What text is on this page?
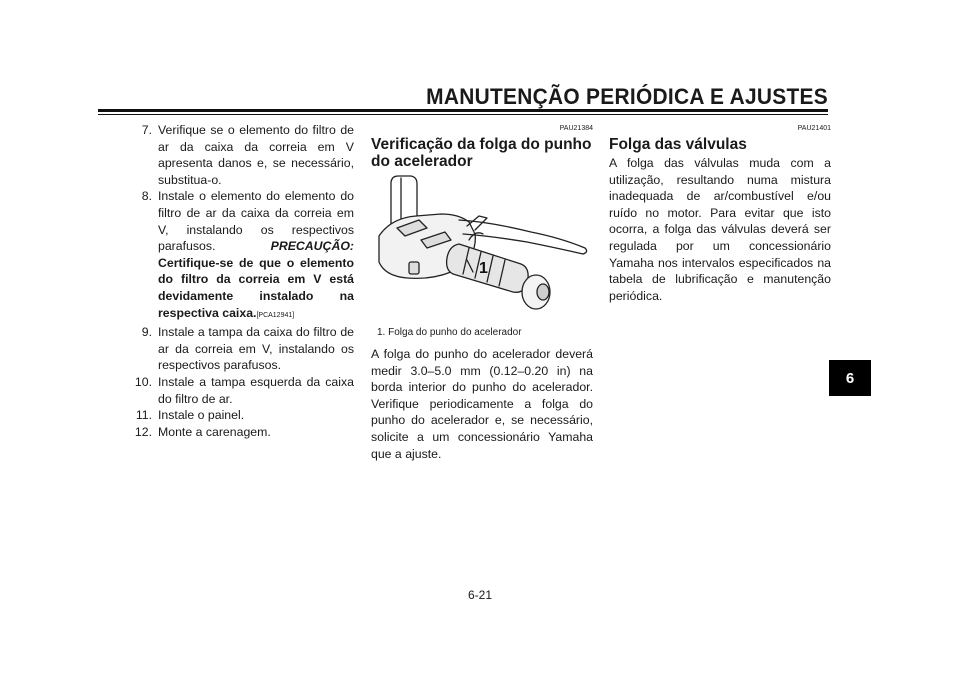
MANUTENÇÃO PERIÓDICA E AJUSTES
7. Verifique se o elemento do filtro de ar da caixa da correia em V apresenta danos e, se necessário, substitua-o.
8. Instale o elemento do elemento do filtro de ar da caixa da correia em V, instalando os respectivos parafusos.	PRECAUÇÃO: Certifique-se de que o elemento do filtro da correia em V está devidamente instalado na respectiva caixa.[PCA12941]
9. Instale a tampa da caixa do filtro de ar da correia em V, instalando os respectivos parafusos.
10. Instale a tampa esquerda da caixa do filtro de ar.
11. Instale o painel.
12. Monte a carenagem.
PAU21384
Verificação da folga do punho do acelerador
1
1. Folga do punho do acelerador

A folga do punho do acelerador deverá medir 3.0–5.0 mm (0.12–0.20 in) na borda interior do punho do acelerador. Verifique periodicamente a folga do punho do acelerador e, se necessário, solicite a um concessionário Yamaha que a ajuste.

PAU21401
Folga das válvulas

A folga das válvulas muda com a utilização, resultando numa mistura inadequada de ar/combustível e/ou ruído no motor. Para evitar que isto ocorra, a folga das válvulas deverá ser regulada por um concessionário Yamaha nos intervalos especificados na tabela de lubrificação e manutenção periódica.

6
6-21
